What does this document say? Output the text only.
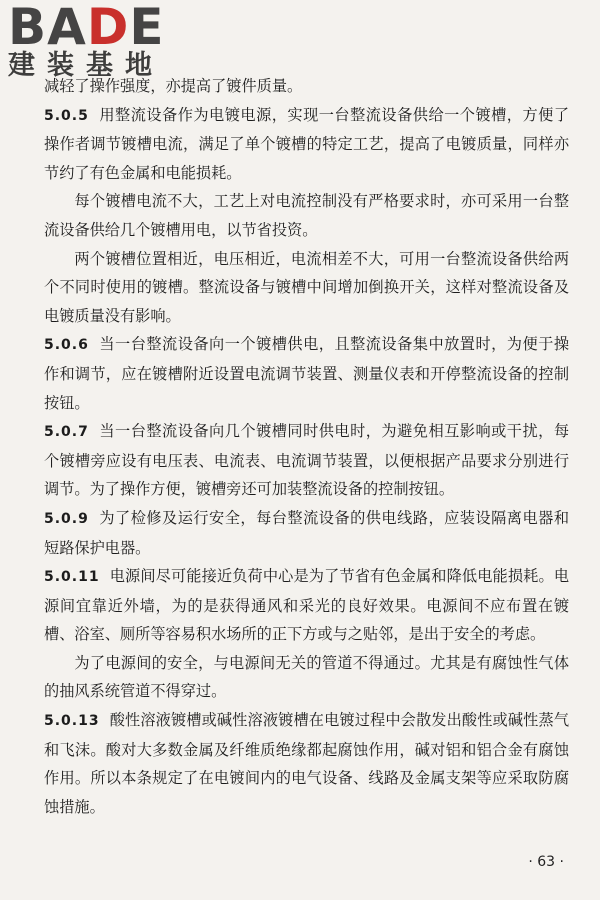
BADE
建装基地

减轻了操作强度，亦提高了镀件质量。

5.0.5 用整流设备作为电镀电源，实现一台整流设备供给一个镀槽，方便了操作者调节镀槽电流，满足了单个镀槽的特定工艺，提高了电镀质量，同样亦节约了有色金属和电能损耗。

每个镀槽电流不大，工艺上对电流控制没有严格要求时，亦可采用一台整流设备供给几个镀槽用电，以节省投资。

两个镀槽位置相近，电压相近，电流相差不大，可用一台整流设备供给两个不同时使用的镀槽。整流设备与镀槽中间增加倒换开关，这样对整流设备及电镀质量没有影响。

5.0.6 当一台整流设备向一个镀槽供电，且整流设备集中放置时，为便于操作和调节，应在镀槽附近设置电流调节装置、测量仪表和开停整流设备的控制按钮。

5.0.7 当一台整流设备向几个镀槽同时供电时，为避免相互影响或干扰，每个镀槽旁应设有电压表、电流表、电流调节装置，以便根据产品要求分别进行调节。为了操作方便，镀槽旁还可加装整流设备的控制按钮。

5.0.9 为了检修及运行安全，每台整流设备的供电线路，应装设隔离电器和短路保护电器。

5.0.11 电源间尽可能接近负荷中心是为了节省有色金属和降低电能损耗。电源间宜靠近外墙，为的是获得通风和采光的良好效果。电源间不应布置在镀槽、浴室、厕所等容易积水场所的正下方或与之贴邻，是出于安全的考虑。

为了电源间的安全，与电源间无关的管道不得通过。尤其是有腐蚀性气体的抽风系统管道不得穿过。

5.0.13 酸性溶液镀槽或碱性溶液镀槽在电镀过程中会散发出酸性或碱性蒸气和飞沫。酸对大多数金属及纤维质绝缘都起腐蚀作用，碱对铝和铝合金有腐蚀作用。所以本条规定了在电镀间内的电气设备、线路及金属支架等应采取防腐蚀措施。

· 63 ·
